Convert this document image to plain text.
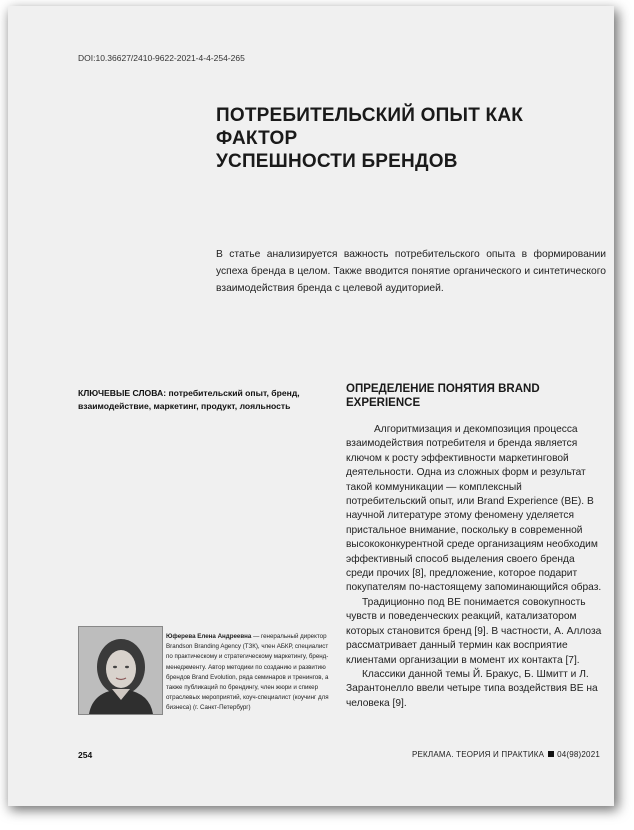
DOI:10.36627/2410-9622-2021-4-4-254-265
ПОТРЕБИТЕЛЬСКИЙ ОПЫТ КАК ФАКТОР
УСПЕШНОСТИ БРЕНДОВ

В статье анализируется важность потребительского опыта в формировании успеха бренда в целом. Также вводится понятие органического и синтетического взаимодействия бренда с целевой аудиторией.

КЛЮЧЕВЫЕ СЛОВА: потребительский опыт, бренд, взаимодействие, маркетинг, продукт, лояльность

ОПРЕДЕЛЕНИЕ ПОНЯТИЯ BRAND EXPERIENCE

Алгоритмизация и декомпозиция процесса взаимодействия потребителя и бренда является ключом к росту эффективности маркетинговой деятельности. Одна из сложных форм и результат такой коммуникации — комплексный потребительский опыт, или Brand Experience (BE). В научной литературе этому феномену уделяется пристальное внимание, поскольку в современной высококонкурентной среде организациям необходим эффективный способ выделения своего бренда среди прочих [8], предложение, которое подарит покупателям по-настоящему запоминающийся образ.

Традиционно под BE понимается совокупность чувств и поведенческих реакций, катализатором которых становится бренд [9]. В частности, А. Аллоза рассматривает данный термин как восприятие клиентами организации в момент их контакта [7].

Классики данной темы Й. Бракус, Б. Шмитт и Л. Зарантонелло ввели четыре типа воздействия BE на человека [9].

Юферева Елена Андреевна — генеральный директор Brandson Branding Agency (ТЗК), член АБКР, специалист по практическому и стратегическому маркетингу, бренд-менеджменту. Автор методики по созданию и развитию брендов Brand Evolution, ряда семинаров и тренингов, а также публикаций по брендингу, член жюри и спикер отраслевых мероприятий, коуч-специалист (коучинг для бизнеса) (г. Санкт-Петербург)
254	РЕКЛАМА. ТЕОРИЯ И ПРАКТИКА 04(98)2021
